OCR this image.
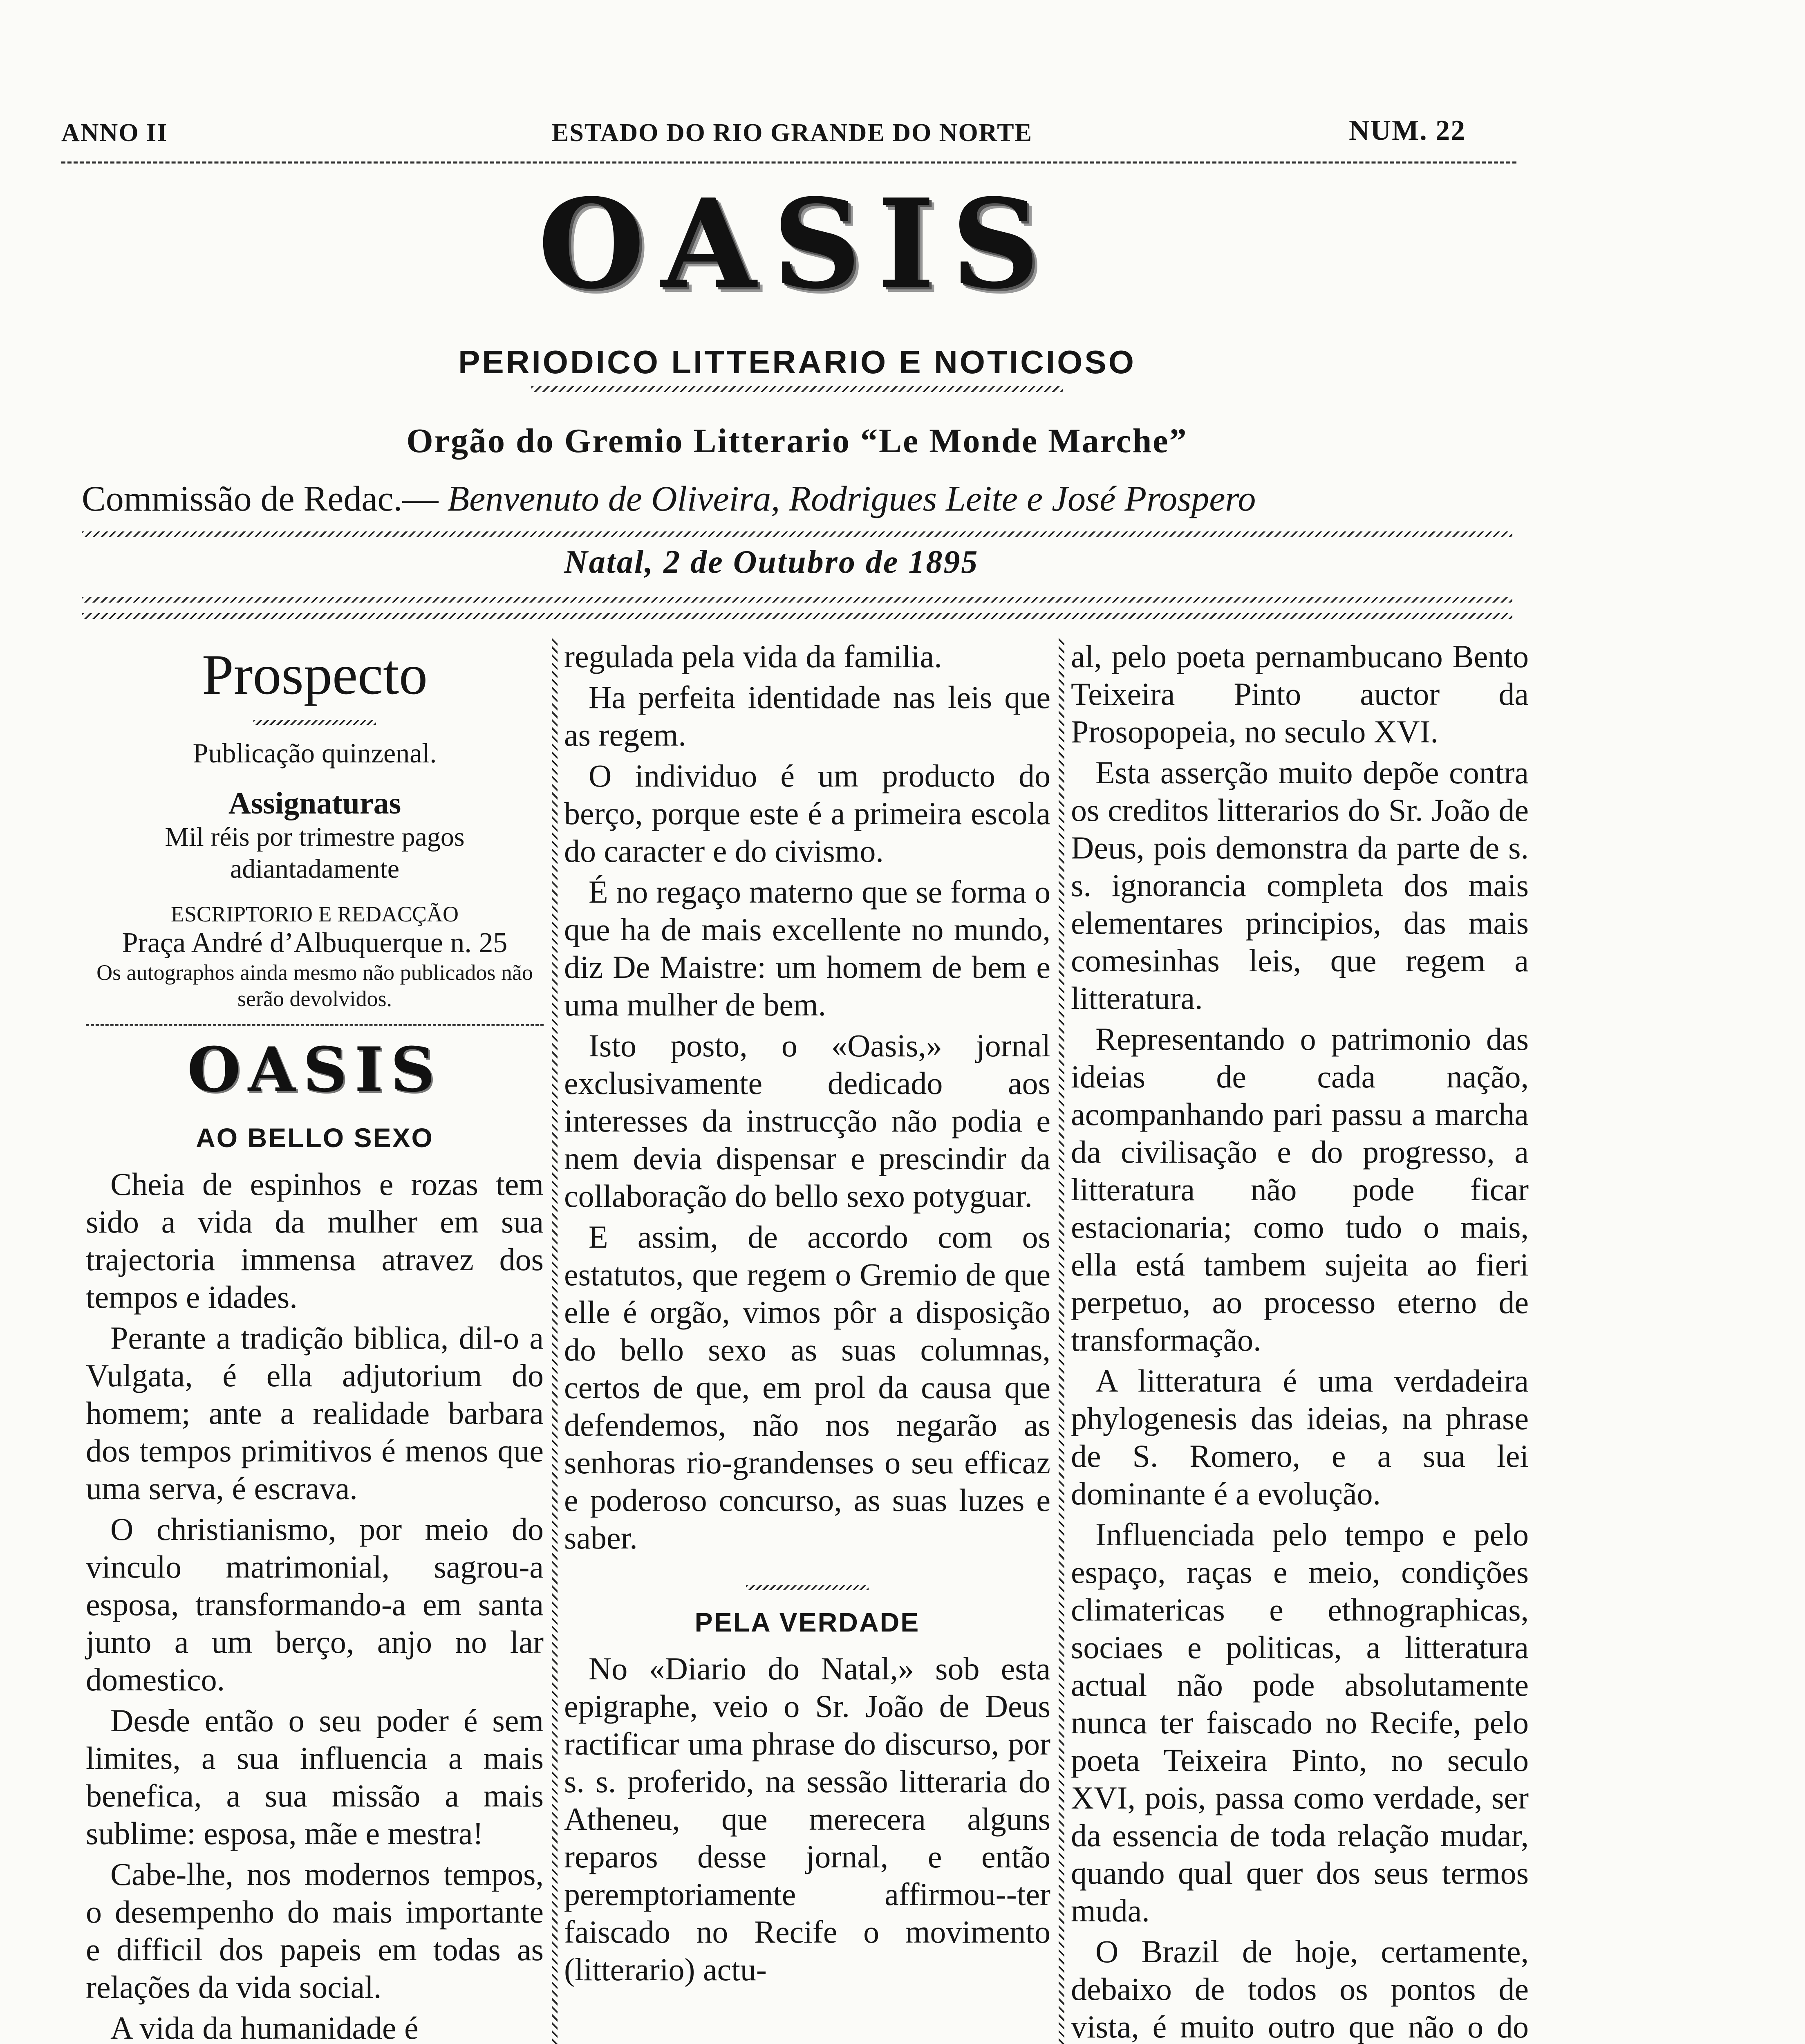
ANNO II	ESTADO DO RIO GRANDE DO NORTE	NUM. 22
OASIS
PERIODICO LITTERARIO E NOTICIOSO
Orgão do Gremio Litterario “Le Monde Marche”
Commissão de Redac.— Benvenuto de Oliveira, Rodrigues Leite e José Prospero
Natal, 2 de Outubro de 1895
Prospecto
Publicação quinzenal.
Assignaturas
Mil réis por trimestre pagos adiantadamente
ESCRIPTORIO E REDACÇÃO
Praça André d’Albuquerque n. 25
Os autographos ainda mesmo não publicados não serão devolvidos.
OASIS
AO BELLO SEXO

Cheia de espinhos e rozas tem sido a vida da mulher em sua trajectoria immensa atravez dos tempos e idades.

Perante a tradição biblica, dil-o a Vulgata, é ella adjutorium do homem; ante a realidade barbara dos tempos primitivos é menos que uma serva, é escrava.

O christianismo, por meio do vinculo matrimonial, sagrou-a esposa, transformando-a em santa junto a um berço, anjo no lar domestico.

Desde então o seu poder é sem limites, a sua influencia a mais benefica, a sua missão a mais sublime: esposa, mãe e mestra!

Cabe-lhe, nos modernos tempos, o desempenho do mais importante e difficil dos papeis em todas as relações da vida social.

A vida da humanidade é

regulada pela vida da familia.

Ha perfeita identidade nas leis que as regem.

O individuo é um producto do berço, porque este é a primeira escola do caracter e do civismo.

É no regaço materno que se forma o que ha de mais excellente no mundo, diz De Maistre: um homem de bem e uma mulher de bem.

Isto posto, o «Oasis,» jornal exclusivamente dedicado aos interesses da instrucção não podia e nem devia dispensar e prescindir da collaboração do bello sexo potyguar.

E assim, de accordo com os estatutos, que regem o Gremio de que elle é orgão, vimos pôr a disposição do bello sexo as suas columnas, certos de que, em prol da causa que defendemos, não nos negarão as senhoras rio-grandenses o seu efficaz e poderoso concurso, as suas luzes e saber.

PELA VERDADE

No «Diario do Natal,» sob esta epigraphe, veio o Sr. João de Deus ractificar uma phrase do discurso, por s. s. proferido, na sessão litteraria do Atheneu, que merecera alguns reparos desse jornal, e então peremptoriamente affirmou--ter faiscado no Recife o movimento (litterario) actu-

al, pelo poeta pernambucano Bento Teixeira Pinto auctor da Prosopopeia, no seculo XVI.

Esta asserção muito depõe contra os creditos litterarios do Sr. João de Deus, pois demonstra da parte de s. s. ignorancia completa dos mais elementares principios, das mais comesinhas leis, que regem a litteratura.

Representando o patrimonio das ideias de cada nação, acompanhando pari passu a marcha da civilisação e do progresso, a litteratura não pode ficar estacionaria; como tudo o mais, ella está tambem sujeita ao fieri perpetuo, ao processo eterno de transformação.

A litteratura é uma verdadeira phylogenesis das ideias, na phrase de S. Romero, e a sua lei dominante é a evolução.

Influenciada pelo tempo e pelo espaço, raças e meio, condições climatericas e ethnographicas, sociaes e politicas, a litteratura actual não pode absolutamente nunca ter faiscado no Recife, pelo poeta Teixeira Pinto, no seculo XVI, pois, passa como verdade, ser da essencia de toda relação mudar, quando qual quer dos seus termos muda.

O Brazil de hoje, certamente, debaixo de todos os pontos de vista, é muito outro que não o do
